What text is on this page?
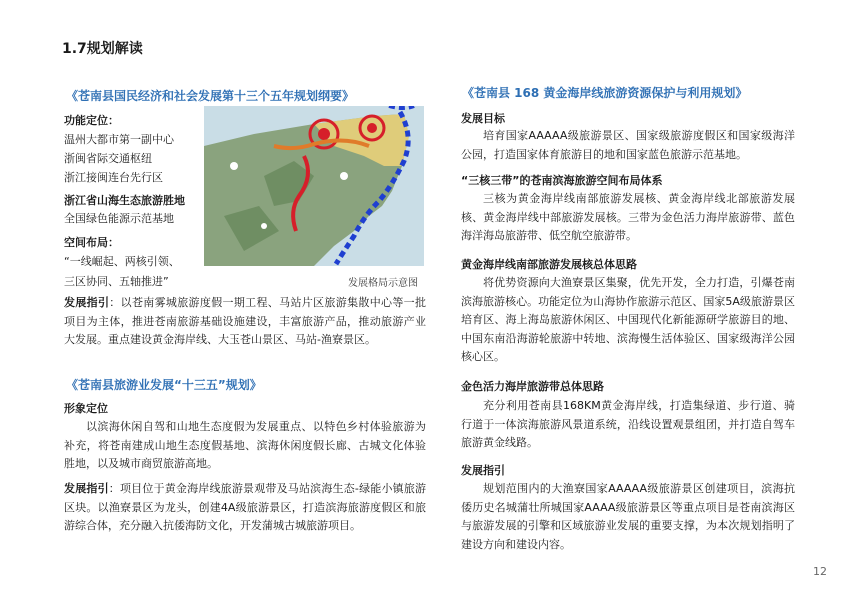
1.7规划解读
《苍南县国民经济和社会发展第十三个五年规划纲要》
功能定位：
温州大都市第一副中心
浙闽省际交通枢纽
浙江接闽连台先行区
浙江省山海生态旅游胜地
全国绿色能源示范基地
空间布局：
“一线崛起、两核引领、
三区协同、五轴推进”	发展格局示意图
发展指引：以苍南雾城旅游度假一期工程、马站片区旅游集散中心等一批项目为主体，推进苍南旅游基础设施建设，丰富旅游产品，推动旅游产业大发展。重点建设黄金海岸线、大玉苍山景区、马站-渔寮景区。
《苍南县旅游业发展“十三五”规划》
形象定位
以滨海休闲自驾和山地生态度假为发展重点、以特色乡村体验旅游为补充，将苍南建成山地生态度假基地、滨海休闲度假长廊、古城文化体验胜地，以及城市商贸旅游高地。
发展指引：项目位于黄金海岸线旅游景观带及马站滨海生态-绿能小镇旅游区块。以渔寮景区为龙头，创建4A级旅游景区，打造滨海旅游度假区和旅游综合体，充分融入抗倭海防文化，开发蒲城古城旅游项目。
《苍南县 168 黄金海岸线旅游资源保护与利用规划》
发展目标
培育国家AAAAA级旅游景区、国家级旅游度假区和国家级海洋公园，打造国家体育旅游目的地和国家蓝色旅游示范基地。
“三核三带”的苍南滨海旅游空间布局体系
三核为黄金海岸线南部旅游发展核、黄金海岸线北部旅游发展核、黄金海岸线中部旅游发展核。三带为金色活力海岸旅游带、蓝色海洋海岛旅游带、低空航空旅游带。
黄金海岸线南部旅游发展核总体思路
将优势资源向大渔寮景区集聚，优先开发，全力打造，引爆苍南滨海旅游核心。功能定位为山海协作旅游示范区、国家5A级旅游景区培育区、海上海岛旅游休闲区、中国现代化新能源研学旅游目的地、中国东南沿海游轮旅游中转地、滨海慢生活体验区、国家级海洋公园核心区。
金色活力海岸旅游带总体思路
充分利用苍南县168KM黄金海岸线，打造集绿道、步行道、骑行道于一体滨海旅游风景道系统，沿线设置观景组团，并打造自驾车旅游黄金线路。
发展指引
规划范围内的大渔寮国家AAAAA级旅游景区创建项目，滨海抗倭历史名城蒲壮所城国家AAAA级旅游景区等重点项目是苍南滨海区与旅游发展的引擎和区域旅游业发展的重要支撑，为本次规划指明了建设方向和建设内容。
12
